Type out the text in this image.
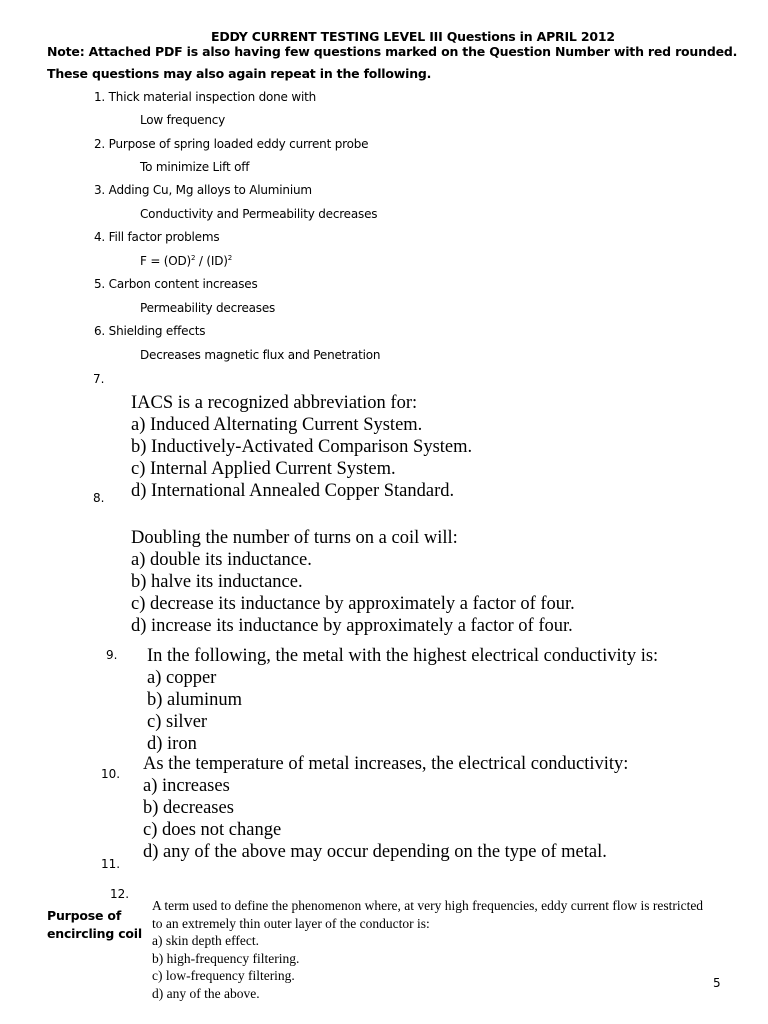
EDDY CURRENT TESTING LEVEL III Questions in APRIL 2012
Note: Attached PDF is also having few questions marked on the Question Number with red rounded.
These questions may also again repeat in the following.
1. Thick material inspection done with
Low frequency
2. Purpose of spring loaded eddy current probe
To minimize Lift off
3. Adding Cu, Mg alloys to Aluminium
Conductivity and Permeability decreases
4. Fill factor problems
F = (OD)$^2$ / (ID)$^2$
5. Carbon content increases
Permeability decreases
6. Shielding effects
Decreases magnetic flux and Penetration
7.
8.
9.
10.
11.
12.
IACS is a recognized abbreviation for:
a) Induced Alternating Current System.
b) Inductively-Activated Comparison System.
c) Internal Applied Current System.
d) International Annealed Copper Standard.
Doubling the number of turns on a coil will:
a) double its inductance.
b) halve its inductance.
c) decrease its inductance by approximately a factor of four.
d) increase its inductance by approximately a factor of four.
In the following, the metal with the highest electrical conductivity is:
a) copper
b) aluminum
c) silver
d) iron
As the temperature of metal increases, the electrical conductivity:
a) increases
b) decreases
c) does not change
d) any of the above may occur depending on the type of metal.
Purpose of
encircling coil
A term used to define the phenomenon where, at very high frequencies, eddy current flow is restricted
to an extremely thin outer layer of the conductor is:
a) skin depth effect.
b) high-frequency filtering.
c) low-frequency filtering.
d) any of the above.
5
